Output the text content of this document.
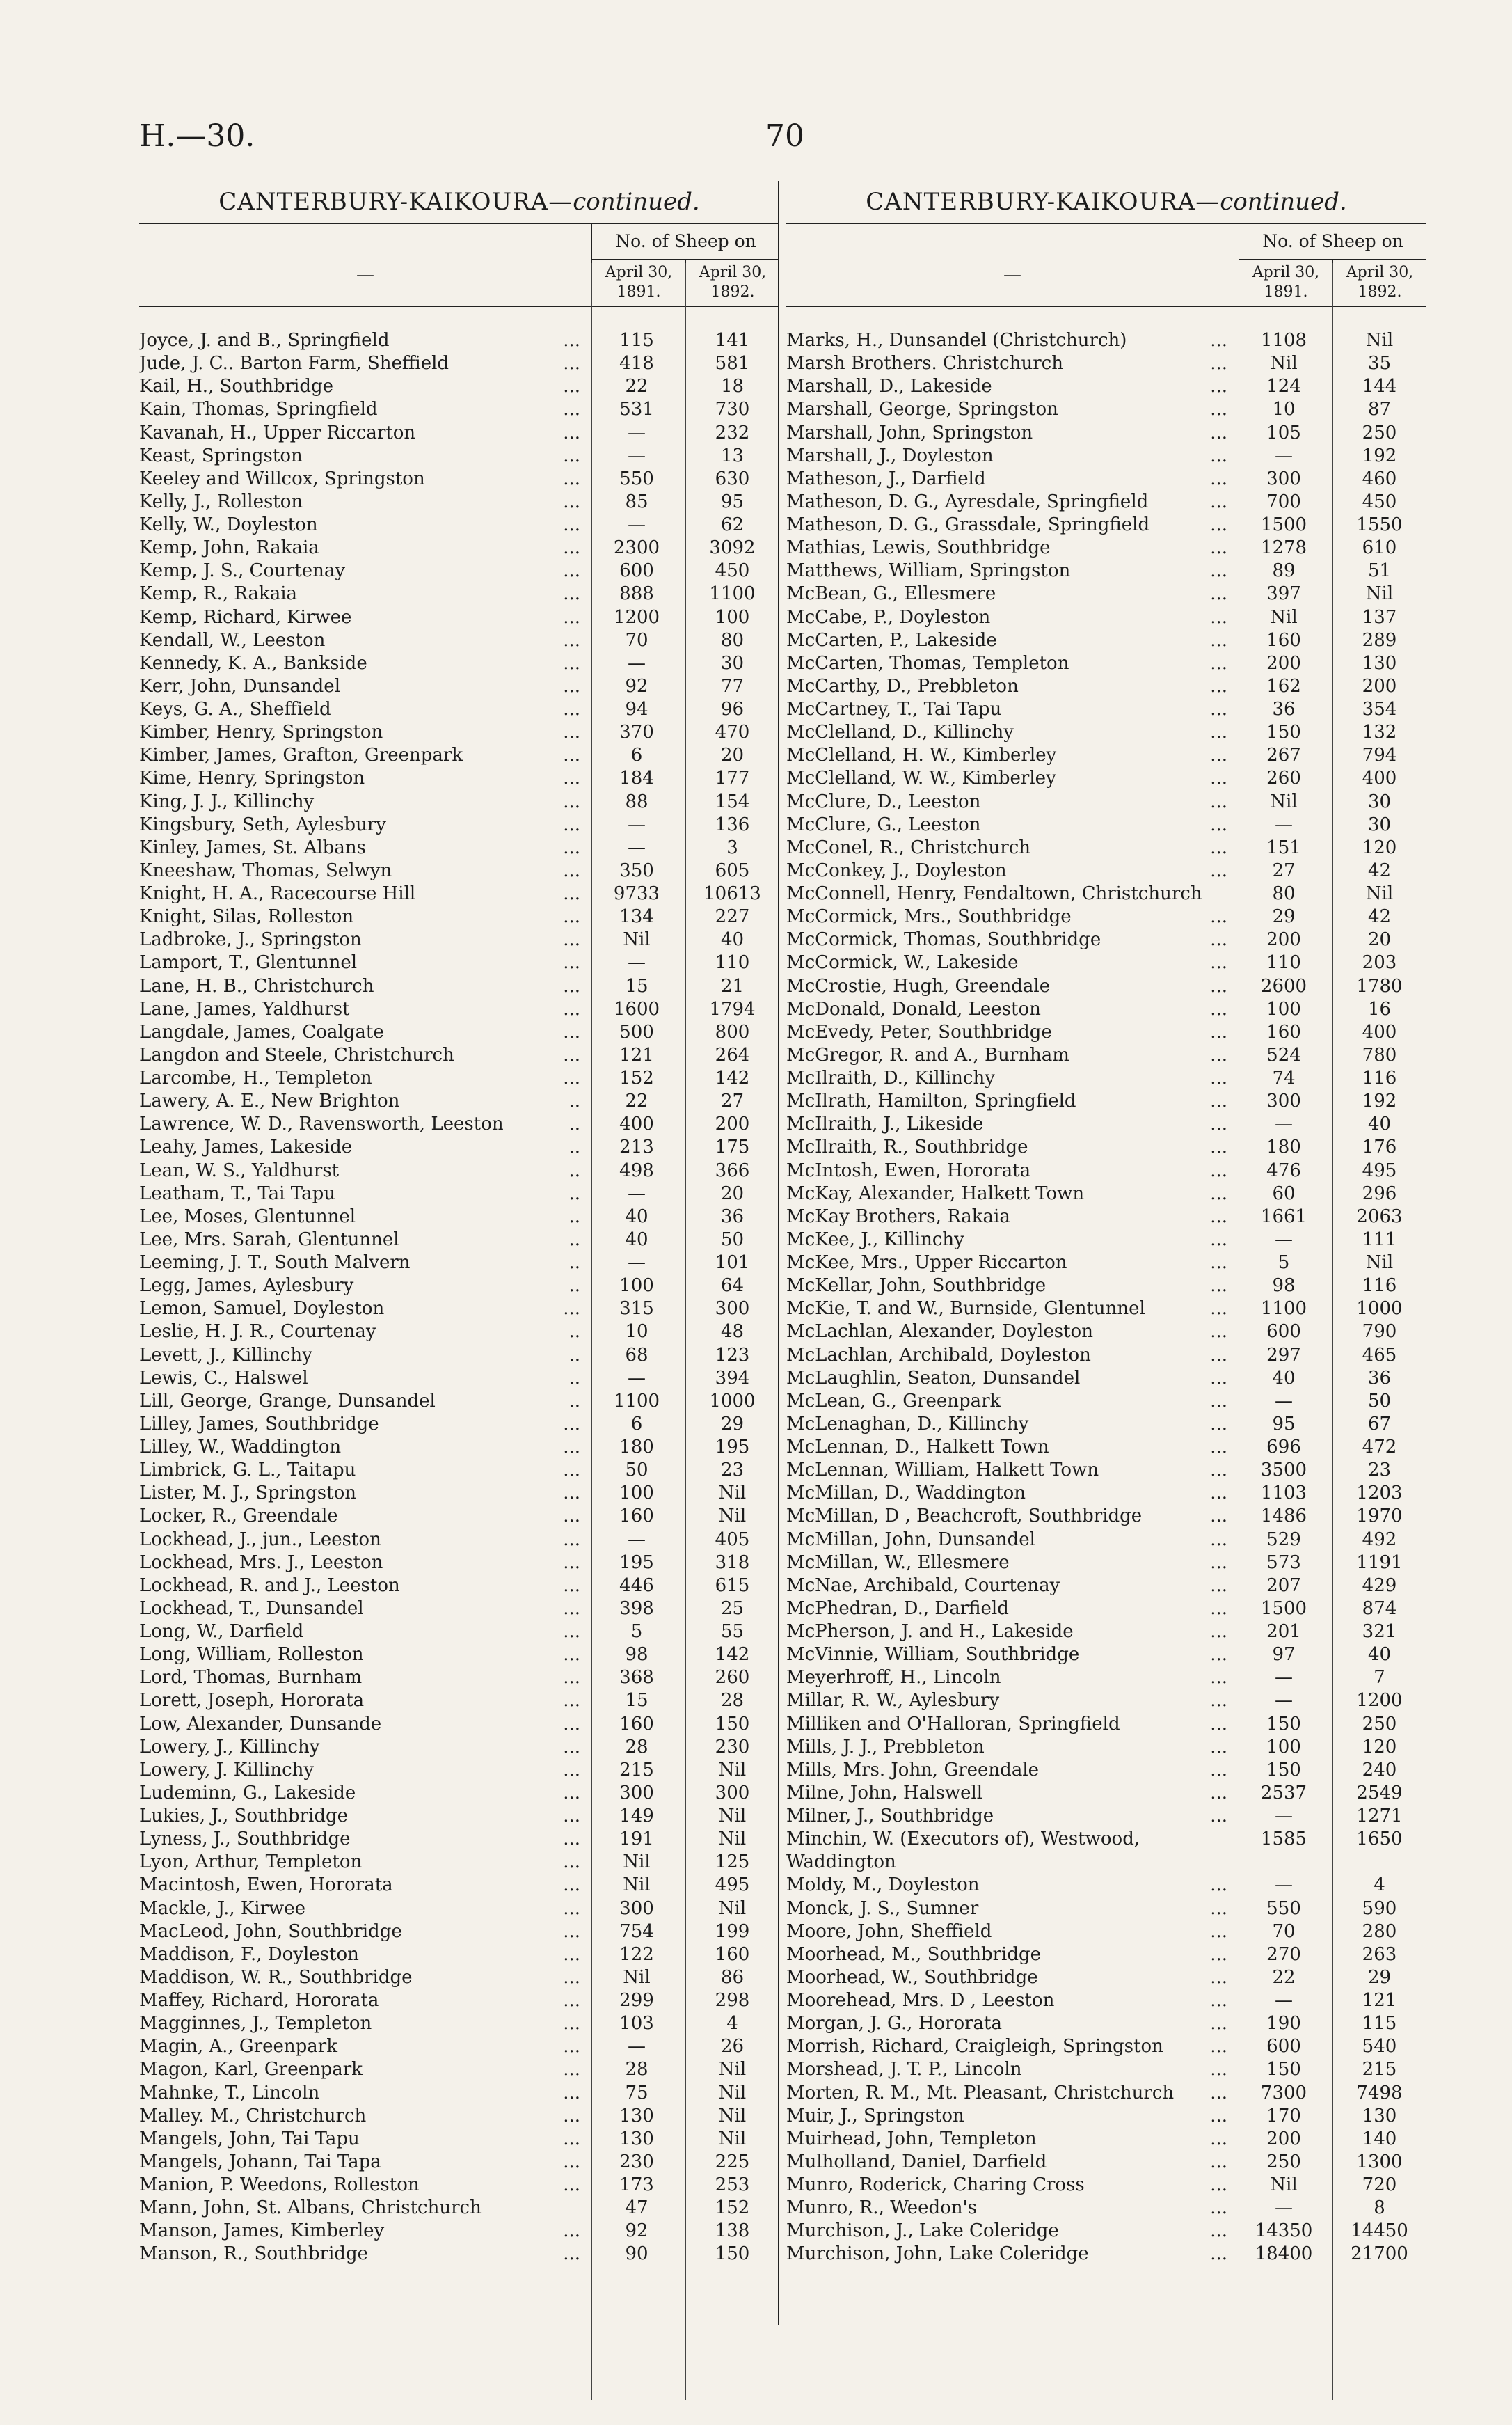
H.—30.	70
CANTERBURY-KAIKOURA—continued.
—
No. of Sheep on
April 30, 1891.
April 30, 1892.
Joyce, J. and B., Springfield	...	115	141
Jude, J. C.. Barton Farm, Sheffield	...	418	581
Kail, H., Southbridge	...	22	18
Kain, Thomas, Springfield	...	531	730
Kavanah, H., Upper Riccarton	...	—	232
Keast, Springston	...	—	13
Keeley and Willcox, Springston	...	550	630
Kelly, J., Rolleston	...	85	95
Kelly, W., Doyleston	...	—	62
Kemp, John, Rakaia	...	2300	3092
Kemp, J. S., Courtenay	...	600	450
Kemp, R., Rakaia	...	888	1100
Kemp, Richard, Kirwee	...	1200	100
Kendall, W., Leeston	...	70	80
Kennedy, K. A., Bankside	...	—	30
Kerr, John, Dunsandel	...	92	77
Keys, G. A., Sheffield	...	94	96
Kimber, Henry, Springston	...	370	470
Kimber, James, Grafton, Greenpark	...	6	20
Kime, Henry, Springston	...	184	177
King, J. J., Killinchy	...	88	154
Kingsbury, Seth, Aylesbury	...	—	136
Kinley, James, St. Albans	...	—	3
Kneeshaw, Thomas, Selwyn	...	350	605
Knight, H. A., Racecourse Hill	...	9733	10613
Knight, Silas, Rolleston	...	134	227
Ladbroke, J., Springston	...	Nil	40
Lamport, T., Glentunnel	...	—	110
Lane, H. B., Christchurch	...	15	21
Lane, James, Yaldhurst	...	1600	1794
Langdale, James, Coalgate	...	500	800
Langdon and Steele, Christchurch	...	121	264
Larcombe, H., Templeton	...	152	142
Lawery, A. E., New Brighton	..	22	27
Lawrence, W. D., Ravensworth, Leeston	..	400	200
Leahy, James, Lakeside	..	213	175
Lean, W. S., Yaldhurst	..	498	366
Leatham, T., Tai Tapu	..	—	20
Lee, Moses, Glentunnel	..	40	36
Lee, Mrs. Sarah, Glentunnel	..	40	50
Leeming, J. T., South Malvern	..	—	101
Legg, James, Aylesbury	..	100	64
Lemon, Samuel, Doyleston	...	315	300
Leslie, H. J. R., Courtenay	..	10	48
Levett, J., Killinchy	..	68	123
Lewis, C., Halswel	..	—	394
Lill, George, Grange, Dunsandel	..	1100	1000
Lilley, James, Southbridge	...	6	29
Lilley, W., Waddington	...	180	195
Limbrick, G. L., Taitapu	...	50	23
Lister, M. J., Springston	...	100	Nil
Locker, R., Greendale	...	160	Nil
Lockhead, J., jun., Leeston	...	—	405
Lockhead, Mrs. J., Leeston	...	195	318
Lockhead, R. and J., Leeston	...	446	615
Lockhead, T., Dunsandel	...	398	25
Long, W., Darfield	...	5	55
Long, William, Rolleston	...	98	142
Lord, Thomas, Burnham	...	368	260
Lorett, Joseph, Hororata	...	15	28
Low, Alexander, Dunsande	...	160	150
Lowery, J., Killinchy	...	28	230
Lowery, J. Killinchy	...	215	Nil
Ludeminn, G., Lakeside	...	300	300
Lukies, J., Southbridge	...	149	Nil
Lyness, J., Southbridge	...	191	Nil
Lyon, Arthur, Templeton	...	Nil	125
Macintosh, Ewen, Hororata	...	Nil	495
Mackle, J., Kirwee	...	300	Nil
MacLeod, John, Southbridge	...	754	199
Maddison, F., Doyleston	...	122	160
Maddison, W. R., Southbridge	...	Nil	86
Maffey, Richard, Hororata	...	299	298
Magginnes, J., Templeton	...	103	4
Magin, A., Greenpark	...	—	26
Magon, Karl, Greenpark	...	28	Nil
Mahnke, T., Lincoln	...	75	Nil
Malley. M., Christchurch	...	130	Nil
Mangels, John, Tai Tapu	...	130	Nil
Mangels, Johann, Tai Tapa	...	230	225
Manion, P. Weedons, Rolleston	...	173	253
Mann, John, St. Albans, Christchurch	47	152
Manson, James, Kimberley	...	92	138
Manson, R., Southbridge	...	90	150
CANTERBURY-KAIKOURA—continued.
—
No. of Sheep on
April 30, 1891.
April 30, 1892.
Marks, H., Dunsandel (Christchurch)	...	1108	Nil
Marsh Brothers. Christchurch	...	Nil	35
Marshall, D., Lakeside	...	124	144
Marshall, George, Springston	...	10	87
Marshall, John, Springston	...	105	250
Marshall, J., Doyleston	...	—	192
Matheson, J., Darfield	...	300	460
Matheson, D. G., Ayresdale, Springfield	...	700	450
Matheson, D. G., Grassdale, Springfield	...	1500	1550
Mathias, Lewis, Southbridge	...	1278	610
Matthews, William, Springston	...	89	51
McBean, G., Ellesmere	...	397	Nil
McCabe, P., Doyleston	...	Nil	137
McCarten, P., Lakeside	...	160	289
McCarten, Thomas, Templeton	...	200	130
McCarthy, D., Prebbleton	...	162	200
McCartney, T., Tai Tapu	...	36	354
McClelland, D., Killinchy	...	150	132
McClelland, H. W., Kimberley	...	267	794
McClelland, W. W., Kimberley	...	260	400
McClure, D., Leeston	...	Nil	30
McClure, G., Leeston	...	—	30
McConel, R., Christchurch	...	151	120
McConkey, J., Doyleston	...	27	42
McConnell, Henry, Fendaltown, Christchurch	80	Nil
McCormick, Mrs., Southbridge	...	29	42
McCormick, Thomas, Southbridge	...	200	20
McCormick, W., Lakeside	...	110	203
McCrostie, Hugh, Greendale	...	2600	1780
McDonald, Donald, Leeston	...	100	16
McEvedy, Peter, Southbridge	...	160	400
McGregor, R. and A., Burnham	...	524	780
McIlraith, D., Killinchy	...	74	116
McIlrath, Hamilton, Springfield	...	300	192
McIlraith, J., Likeside	...	—	40
McIlraith, R., Southbridge	...	180	176
McIntosh, Ewen, Hororata	...	476	495
McKay, Alexander, Halkett Town	...	60	296
McKay Brothers, Rakaia	...	1661	2063
McKee, J., Killinchy	...	—	111
McKee, Mrs., Upper Riccarton	...	5	Nil
McKellar, John, Southbridge	...	98	116
McKie, T. and W., Burnside, Glentunnel	...	1100	1000
McLachlan, Alexander, Doyleston	...	600	790
McLachlan, Archibald, Doyleston	...	297	465
McLaughlin, Seaton, Dunsandel	...	40	36
McLean, G., Greenpark	...	—	50
McLenaghan, D., Killinchy	...	95	67
McLennan, D., Halkett Town	...	696	472
McLennan, William, Halkett Town	...	3500	23
McMillan, D., Waddington	...	1103	1203
McMillan, D , Beachcroft, Southbridge	...	1486	1970
McMillan, John, Dunsandel	...	529	492
McMillan, W., Ellesmere	...	573	1191
McNae, Archibald, Courtenay	...	207	429
McPhedran, D., Darfield	...	1500	874
McPherson, J. and H., Lakeside	...	201	321
McVinnie, William, Southbridge	...	97	40
Meyerhroff, H., Lincoln	...	—	7
Millar, R. W., Aylesbury	...	—	1200
Milliken and O'Halloran, Springfield	...	150	250
Mills, J. J., Prebbleton	...	100	120
Mills, Mrs. John, Greendale	...	150	240
Milne, John, Halswell	...	2537	2549
Milner, J., Southbridge	...	—	1271
Minchin, W. (Executors of), Westwood,	1585	1650
Waddington
Moldy, M., Doyleston	...	—	4
Monck, J. S., Sumner	...	550	590
Moore, John, Sheffield	...	70	280
Moorhead, M., Southbridge	...	270	263
Moorhead, W., Southbridge	...	22	29
Moorehead, Mrs. D , Leeston	...	—	121
Morgan, J. G., Hororata	...	190	115
Morrish, Richard, Craigleigh, Springston	...	600	540
Morshead, J. T. P., Lincoln	...	150	215
Morten, R. M., Mt. Pleasant, Christchurch ...	7300	7498
Muir, J., Springston	...	170	130
Muirhead, John, Templeton	...	200	140
Mulholland, Daniel, Darfield	...	250	1300
Munro, Roderick, Charing Cross	...	Nil	720
Munro, R., Weedon's	...	—	8
Murchison, J., Lake Coleridge	...	14350	14450
Murchison, John, Lake Coleridge	...	18400	21700
